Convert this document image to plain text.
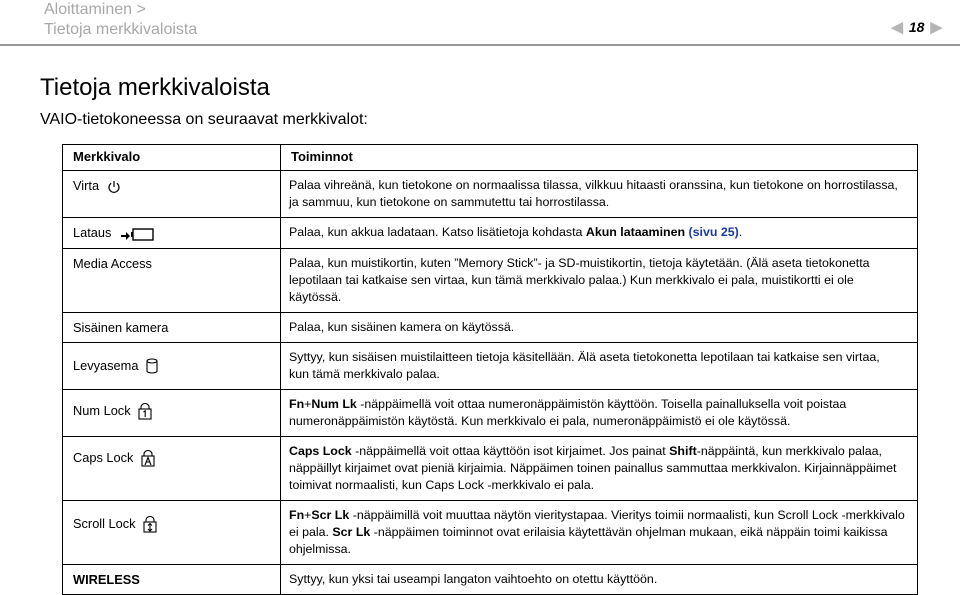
Aloittaminen >
Tietoja merkkivaloista	◀ 18 ▶
Tietoja merkkivaloista
VAIO-tietokoneessa on seuraavat merkkivalot:
Merkkivalo	Toiminnot
Virta	Palaa vihreänä, kun tietokone on normaalissa tilassa, vilkkuu hitaasti oranssina, kun tietokone on horrostilassa,
ja sammuu, kun tietokone on sammutettu tai horrostilassa.

Lataus	Palaa, kun akkua ladataan. Katso lisätietoja kohdasta Akun lataaminen (sivu 25).
Media Access	Palaa, kun muistikortin, kuten ”Memory Stick”- ja SD-muistikortin, tietoja käytetään. (Älä aseta tietokonetta
lepotilaan tai katkaise sen virtaa, kun tämä merkkivalo palaa.) Kun merkkivalo ei pala, muistikortti ei ole
käytössä.

Sisäinen kamera	Palaa, kun sisäinen kamera on käytössä.

Levyasema	Syttyy, kun sisäisen muistilaitteen tietoja käsitellään. Älä aseta tietokonetta lepotilaan tai katkaise sen virtaa,
kun tämä merkkivalo palaa.

Num Lock	Fn+Num Lk -näppäimellä voit ottaa numeronäppäimistön käyttöön. Toisella painalluksella voit poistaa
numeronäppäimistön käytöstä. Kun merkkivalo ei pala, numeronäppäimistö ei ole käytössä.

Caps Lock	Caps Lock -näppäimellä voit ottaa käyttöön isot kirjaimet. Jos painat Shift-näppäintä, kun merkkivalo palaa,
näppäillyt kirjaimet ovat pieniä kirjaimia. Näppäimen toinen painallus sammuttaa merkkivalon. Kirjainnäppäimet
toimivat normaalisti, kun Caps Lock -merkkivalo ei pala.

Scroll Lock	Fn+Scr Lk -näppäimillä voit muuttaa näytön vieritystapaa. Vieritys toimii normaalisti, kun Scroll Lock -merkkivalo
ei pala. Scr Lk -näppäimen toiminnot ovat erilaisia käytettävän ohjelman mukaan, eikä näppäin toimi kaikissa
ohjelmissa.

WIRELESS	Syttyy, kun yksi tai useampi langaton vaihtoehto on otettu käyttöön.
